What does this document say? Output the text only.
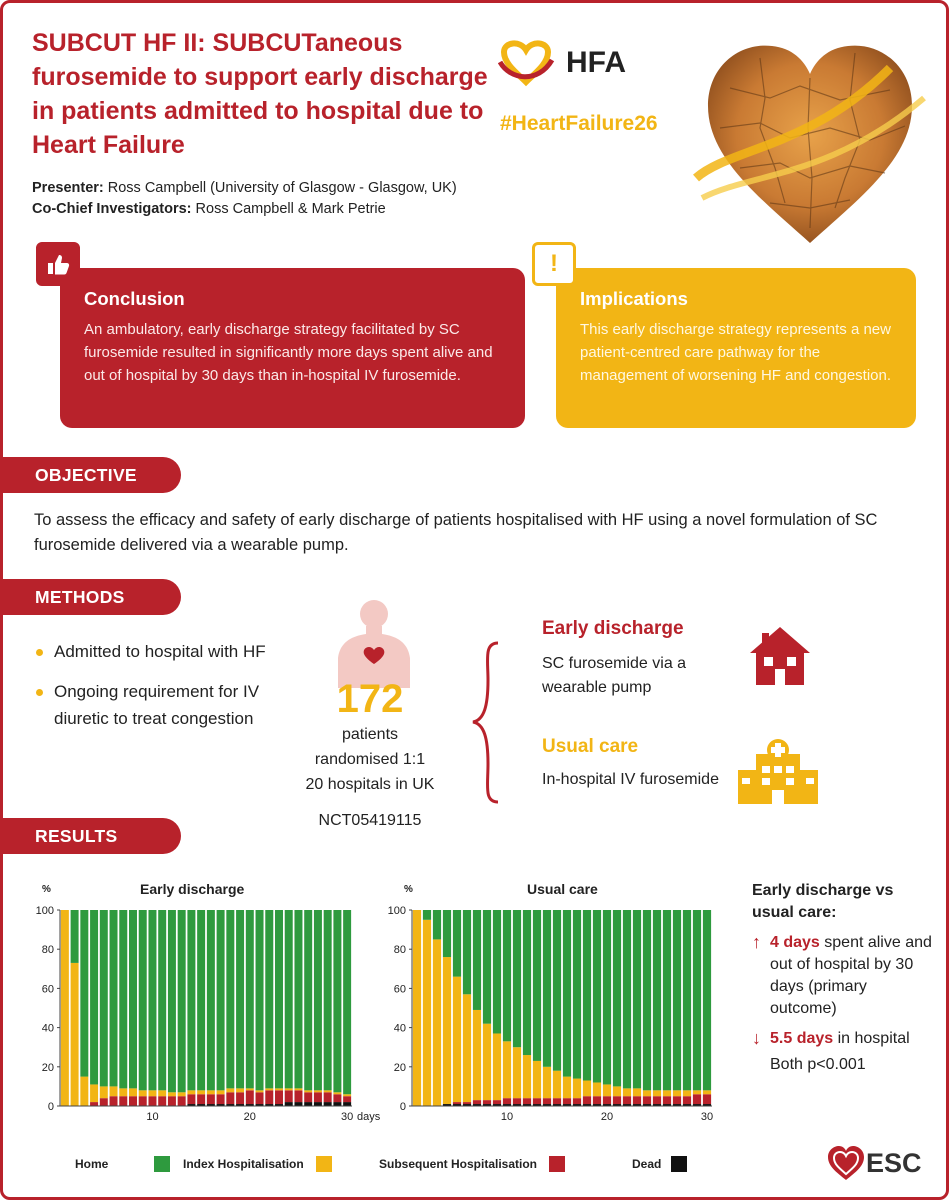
SUBCUT HF II: SUBCUTaneous furosemide to support early discharge in patients admitted to hospital due to Heart Failure
HFA
#HeartFailure26
Presenter: Ross Campbell (University of Glasgow - Glasgow, UK)
Co-Chief Investigators: Ross Campbell & Mark Petrie
Conclusion

An ambulatory, early discharge strategy facilitated by SC furosemide resulted in significantly more days spent alive and out of hospital by 30 days than in-hospital IV furosemide.

Implications

This early discharge strategy represents a new patient-centred care pathway for the management of worsening HF and congestion.

!
OBJECTIVE
To assess the efficacy and safety of early discharge of patients hospitalised with HF using a novel formulation of SC furosemide delivered via a wearable pump.
METHODS
Admitted to hospital with HF
Ongoing requirement for IV diuretic to treat congestion	172
patients
randomised 1:1
20 hospitals in UK
NCT05419115
Early discharge
SC furosemide via a wearable pump
Usual care
In-hospital IV furosemide
RESULTS
Early discharge
%
0
20
40
60
80
100
10	20	30 days
Usual care
%
0
20
40
60
80
100
10	20	30
Early discharge vs usual care:
↑ 4 days spent alive and out of hospital by 30 days (primary outcome)
↓ 5.5 days in hospital
Both p<0.001
Home	Index Hospitalisation	Subsequent Hospitalisation	Dead	ESC
